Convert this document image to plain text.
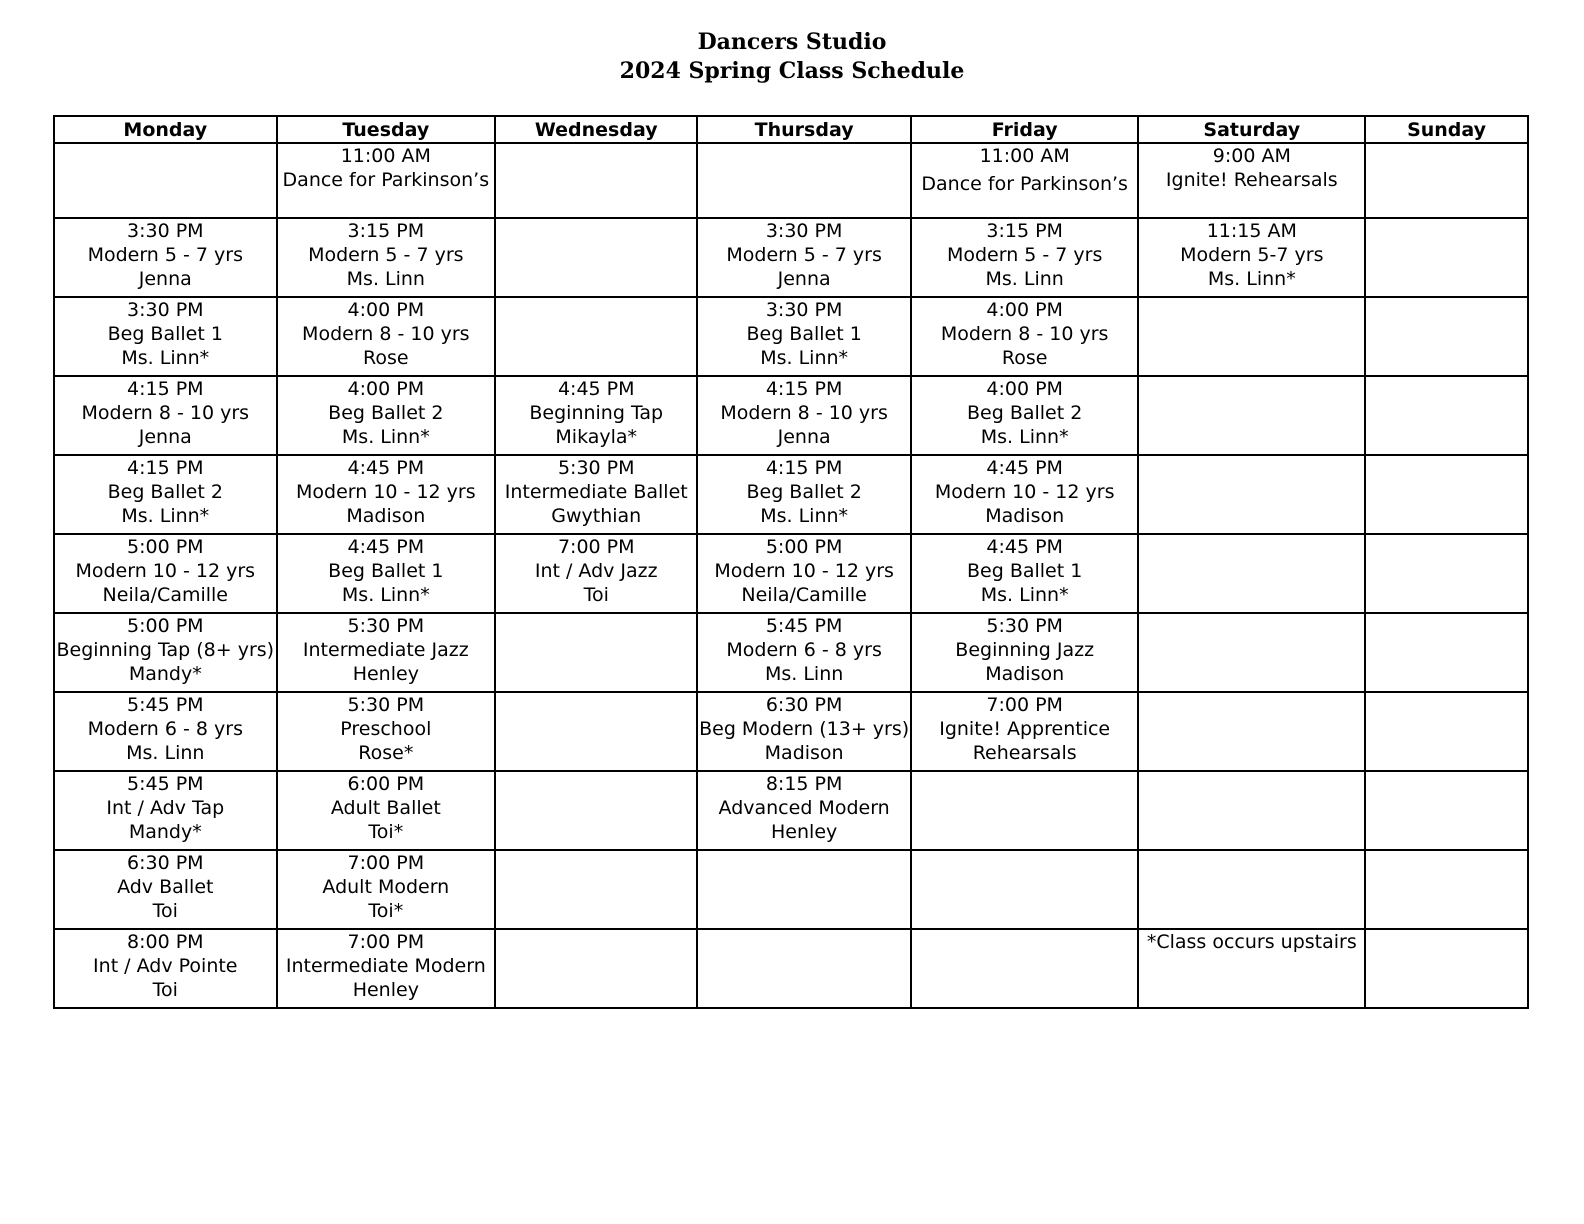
Dancers Studio
2024 Spring Class Schedule
Monday	Tuesday	Wednesday	Thursday	Friday	Saturday	Sunday

	11:00 AM
Dance for Parkinson’s			11:00 AM
Dance for Parkinson’s	9:00 AM
Ignite! Rehearsals	

3:30 PM
Modern 5 - 7 yrs
Jenna	3:15 PM
Modern 5 - 7 yrs
Ms. Linn		3:30 PM
Modern 5 - 7 yrs
Jenna	3:15 PM
Modern 5 - 7 yrs
Ms. Linn	11:15 AM
Modern 5-7 yrs
Ms. Linn*	

3:30 PM
Beg Ballet 1
Ms. Linn*	4:00 PM
Modern 8 - 10 yrs
Rose		3:30 PM
Beg Ballet 1
Ms. Linn*	4:00 PM
Modern 8 - 10 yrs
Rose		

4:15 PM
Modern 8 - 10 yrs
Jenna	4:00 PM
Beg Ballet 2
Ms. Linn*	4:45 PM
Beginning Tap
Mikayla*	4:15 PM
Modern 8 - 10 yrs
Jenna	4:00 PM
Beg Ballet 2
Ms. Linn*		

4:15 PM
Beg Ballet 2
Ms. Linn*	4:45 PM
Modern 10 - 12 yrs
Madison	5:30 PM
Intermediate Ballet
Gwythian	4:15 PM
Beg Ballet 2
Ms. Linn*	4:45 PM
Modern 10 - 12 yrs
Madison		

5:00 PM
Modern 10 - 12 yrs
Neila/Camille	4:45 PM
Beg Ballet 1
Ms. Linn*	7:00 PM
Int / Adv Jazz
Toi	5:00 PM
Modern 10 - 12 yrs
Neila/Camille	4:45 PM
Beg Ballet 1
Ms. Linn*		

5:00 PM
Beginning Tap (8+ yrs)
Mandy*	5:30 PM
Intermediate Jazz
Henley		5:45 PM
Modern 6 - 8 yrs
Ms. Linn	5:30 PM
Beginning Jazz
Madison		

5:45 PM
Modern 6 - 8 yrs
Ms. Linn	5:30 PM
Preschool
Rose*		6:30 PM
Beg Modern (13+ yrs)
Madison	7:00 PM
Ignite! Apprentice
Rehearsals		

5:45 PM
Int / Adv Tap
Mandy*	6:00 PM
Adult Ballet
Toi*		8:15 PM
Advanced Modern
Henley			

6:30 PM
Adv Ballet
Toi	7:00 PM
Adult Modern
Toi*					

8:00 PM
Int / Adv Pointe
Toi	7:00 PM
Intermediate Modern
Henley				*Class occurs upstairs	
